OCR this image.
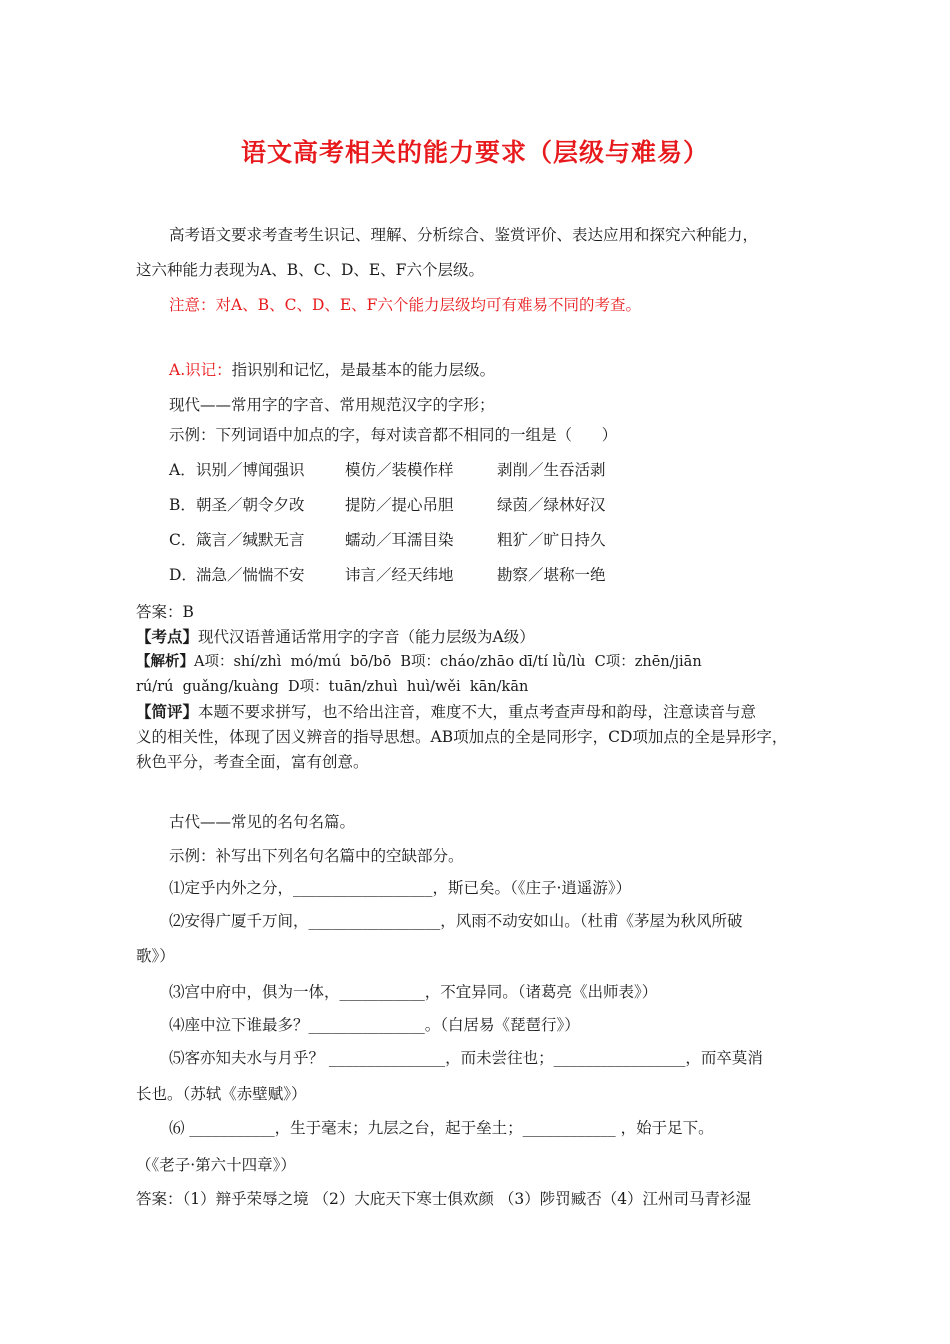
语文高考相关的能力要求（层级与难易）
高考语文要求考查考生识记、理解、分析综合、鉴赏评价、表达应用和探究六种能力，
这六种能力表现为A、B、C、D、E、F六个层级。
注意：对A、B、C、D、E、F六个能力层级均可有难易不同的考查。
A.识记：指识别和记忆，是最基本的能力层级。
现代——常用字的字音、常用规范汉字的字形；
示例：下列词语中加点的字，每对读音都不相同的一组是（      ）
A． 识别／博闻强识	模仿／装模作样	剥削／生吞活剥
B． 朝圣／朝令夕改	提防／提心吊胆	绿茵／绿林好汉
C． 箴言／缄默无言	蠕动／耳濡目染	粗犷／旷日持久
D． 湍急／惴惴不安	讳言／经天纬地	勘察／堪称一绝
答案：B
【考点】现代汉语普通话常用字的字音（能力层级为A级）
【解析】A项：shí/zhì  mó/mú  bō/bō  B项：cháo/zhāo dī/tí lǜ/lù  C项：zhēn/jiān
rú/rú  guǎng/kuàng  D项：tuān/zhuì  huì/wěi  kān/kān
【简评】本题不要求拼写，也不给出注音，难度不大，重点考查声母和韵母，注意读音与意
义的相关性，体现了因义辨音的指导思想。AB项加点的全是同形字，CD项加点的全是异形字，
秋色平分，考查全面，富有创意。
古代——常见的名句名篇。
示例：补写出下列名句名篇中的空缺部分。
⑴定乎内外之分，__________________，斯已矣。（《庄子·逍遥游》）
⑵安得广厦千万间，_________________，风雨不动安如山。（杜甫《茅屋为秋风所破
歌》）
⑶宫中府中，俱为一体，___________，不宜异同。（诸葛亮《出师表》）
⑷座中泣下谁最多？_______________。（白居易《琵琶行》）
⑸客亦知夫水与月乎？ _______________，而未尝往也；_________________，而卒莫消
长也。（苏轼《赤壁赋》）
⑹ ___________，生于毫末；九层之台，起于垒土；____________ ，始于足下。
（《老子·第六十四章》）
答案：（1）辩乎荣辱之境 （2）大庇天下寒士俱欢颜 （3）陟罚臧否（4）江州司马青衫湿
